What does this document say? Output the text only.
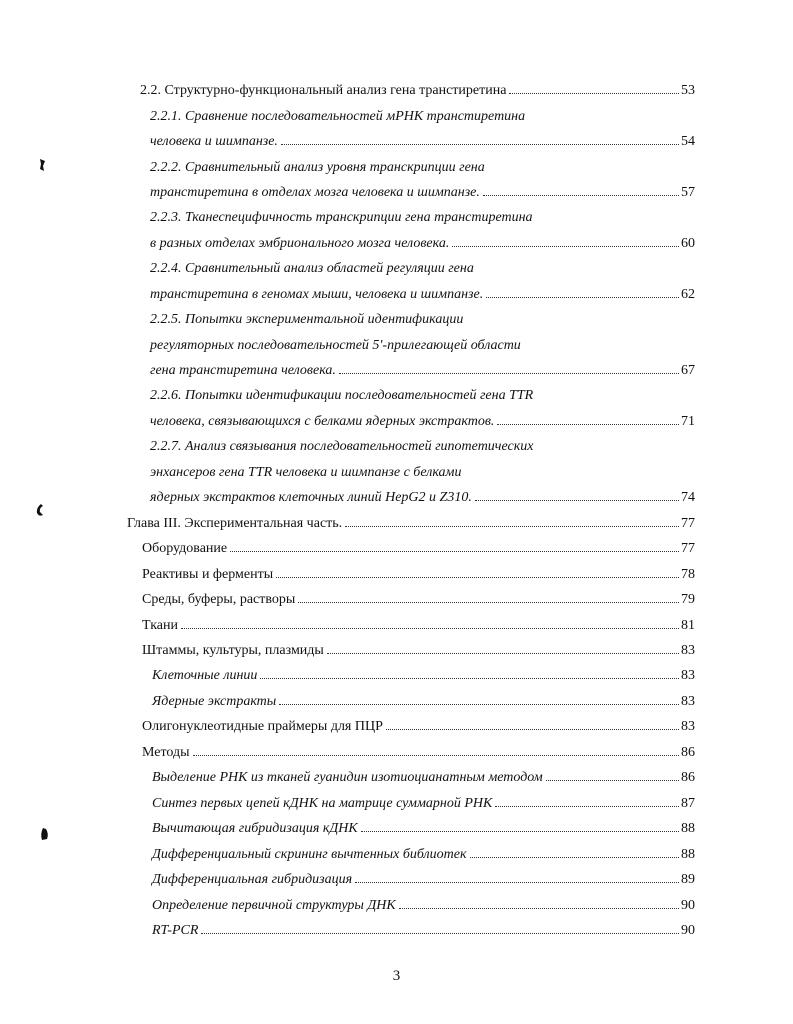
2.2. Структурно-функциональный анализ гена транстиретина	53
2.2.1. Сравнение последовательностей мРНК транстиретина
человека и шимпанзе.	54
2.2.2. Сравнительный анализ уровня транскрипции гена
транстиретина в отделах мозга человека и шимпанзе.	57
2.2.3. Тканеспецифичность транскрипции гена транстиретина
в разных отделах эмбрионального мозга человека.	60
2.2.4. Сравнительный анализ областей регуляции гена
транстиретина в геномах мыши, человека и шимпанзе.	62
2.2.5. Попытки экспериментальной идентификации
регуляторных последовательностей 5'-прилегающей области
гена транстиретина человека.	67
2.2.6. Попытки идентификации последовательностей гена TTR
человека, связывающихся с белками ядерных экстрактов.	71
2.2.7. Анализ связывания последовательностей гипотетических
энхансеров гена TTR человека и шимпанзе с белками
ядерных экстрактов клеточных линий HepG2 и Z310.	74
Глава III. Экспериментальная часть.	77
Оборудование	77
Реактивы и ферменты	78
Среды, буферы, растворы	79
Ткани	81
Штаммы, культуры, плазмиды	83
Клеточные линии	83
Ядерные экстракты	83
Олигонуклеотидные праймеры для ПЦР	83
Методы	86
Выделение РНК из тканей гуанидин изотиоцианатным методом	86
Синтез первых цепей кДНК на матрице суммарной РНК	87
Вычитающая гибридизация кДНК	88
Дифференциальный скрининг вычтенных библиотек	88
Дифференциальная гибридизация	89
Определение первичной структуры ДНК	90
RT-PCR	90
3
